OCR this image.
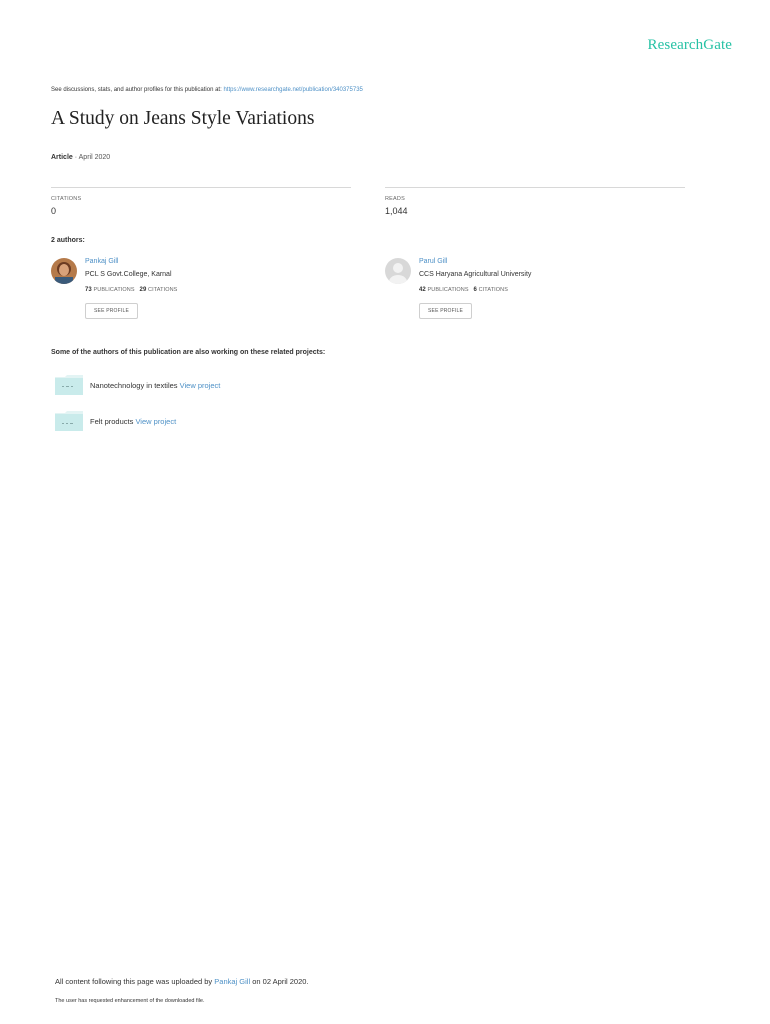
ResearchGate
See discussions, stats, and author profiles for this publication at: https://www.researchgate.net/publication/340375735
A Study on Jeans Style Variations
Article · April 2020
CITATIONS
0
READS
1,044
2 authors:
Pankaj Gill
PCL S Govt.College, Karnal
73 PUBLICATIONS 29 CITATIONS
SEE PROFILE
Parul Gill
CCS Haryana Agricultural University
42 PUBLICATIONS 6 CITATIONS
SEE PROFILE
Some of the authors of this publication are also working on these related projects:
Nanotechnology in textiles View project
Felt products View project
All content following this page was uploaded by Pankaj Gill on 02 April 2020.
The user has requested enhancement of the downloaded file.
